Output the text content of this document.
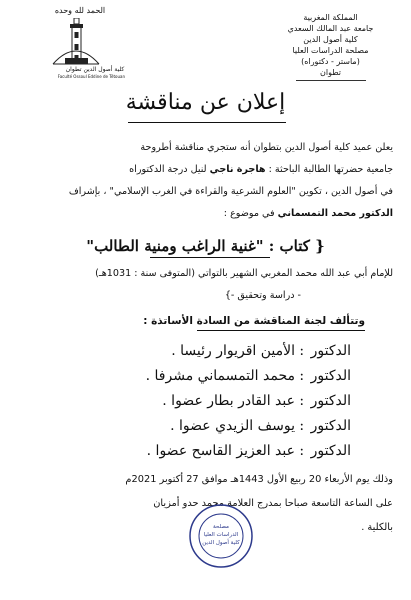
المملكة المغربية
جامعة عبد المالك السعدي
كلية أصول الدين
مصلحة الدراسات العليا
(ماستر - دكتوراه)
تطوان
الحمد لله وحده
كلية أصول الدين تطوان
Faculté Ossoul Eddine de Tétouan
إعلان عن مناقشة
يعلن عميد كلية أصول الدين بتطوان أنه ستجري مناقشة أطروحة
جامعية حضرتها الطالبة الباحثة : هاجرة ناجي لنيل درجة الدكتوراه
في أصول الدين ، تكوين "العلوم الشرعية والقراءة في الغرب الإسلامي" ، بإشراف
الدكتور محمد التمسماني في موضوع :
{ كتاب : "غنية الراغب ومنية الطالب"
للإمام أبي عبد الله محمد المغربي الشهير بالتواتي (المتوفى سنة : 1031هـ)
- دراسة وتحقيق -}
وتتألف لجنة المناقشة من السادة الأساتذة :
الدكتور : الأمين اقريوار رئيسا .
الدكتور : محمد التمسماني مشرفا .
الدكتور : عبد القادر بطار عضوا .
الدكتور : يوسف الزيدي عضوا .
الدكتور : عبد العزيز القاسح عضوا .
وذلك يوم الأربعاء 20 ربيع الأول 1443هـ موافق 27 أكتوبر 2021م
على الساعة التاسعة صباحا بمدرج العلامة محمد حدو أمزيان
بالكلية .
مصلحة
الدراسات العليا
كلية أصول الدين
